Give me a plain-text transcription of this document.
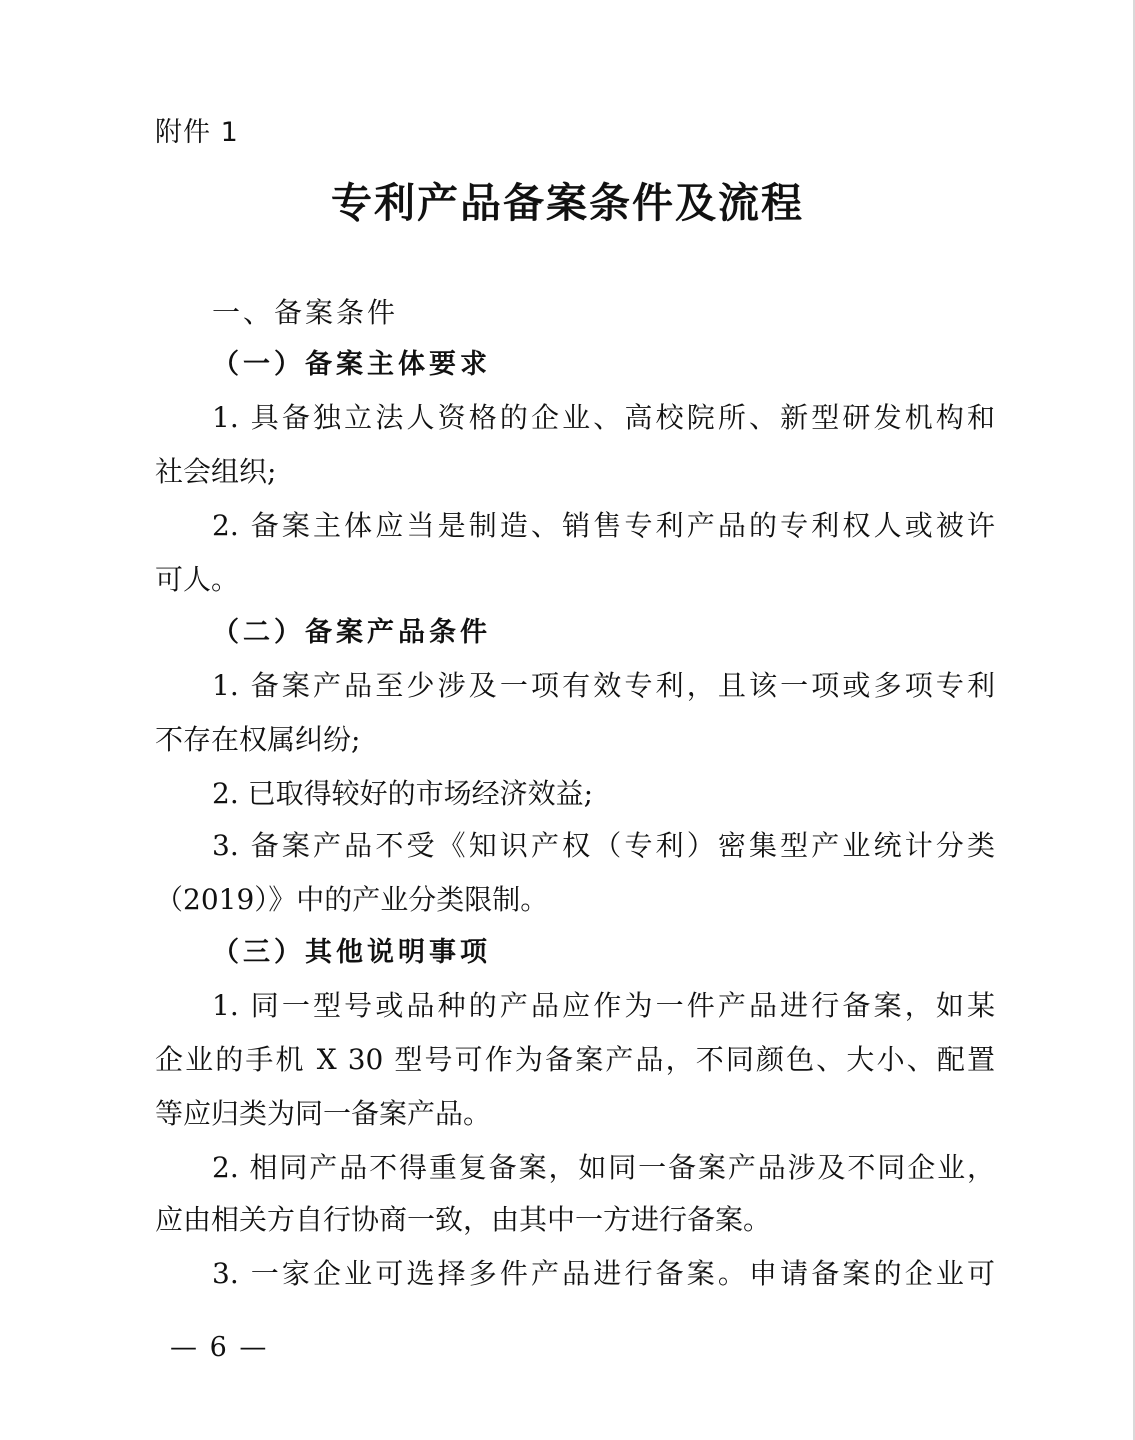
附件 1

专利产品备案条件及流程
一、备案条件
（一）备案主体要求

1. 具备独立法人资格的企业、高校院所、新型研发机构和

社会组织;

2. 备案主体应当是制造、销售专利产品的专利权人或被许

可人。

（二）备案产品条件

1. 备案产品至少涉及一项有效专利，且该一项或多项专利

不存在权属纠纷;

2. 已取得较好的市场经济效益;

3. 备案产品不受《知识产权（专利）密集型产业统计分类

（2019）》中的产业分类限制。

（三）其他说明事项

1. 同一型号或品种的产品应作为一件产品进行备案，如某

企业的手机 X 30 型号可作为备案产品，不同颜色、大小、配置

等应归类为同一备案产品。

2. 相同产品不得重复备案，如同一备案产品涉及不同企业，

应由相关方自行协商一致，由其中一方进行备案。

3. 一家企业可选择多件产品进行备案。申请备案的企业可

— 6 —
